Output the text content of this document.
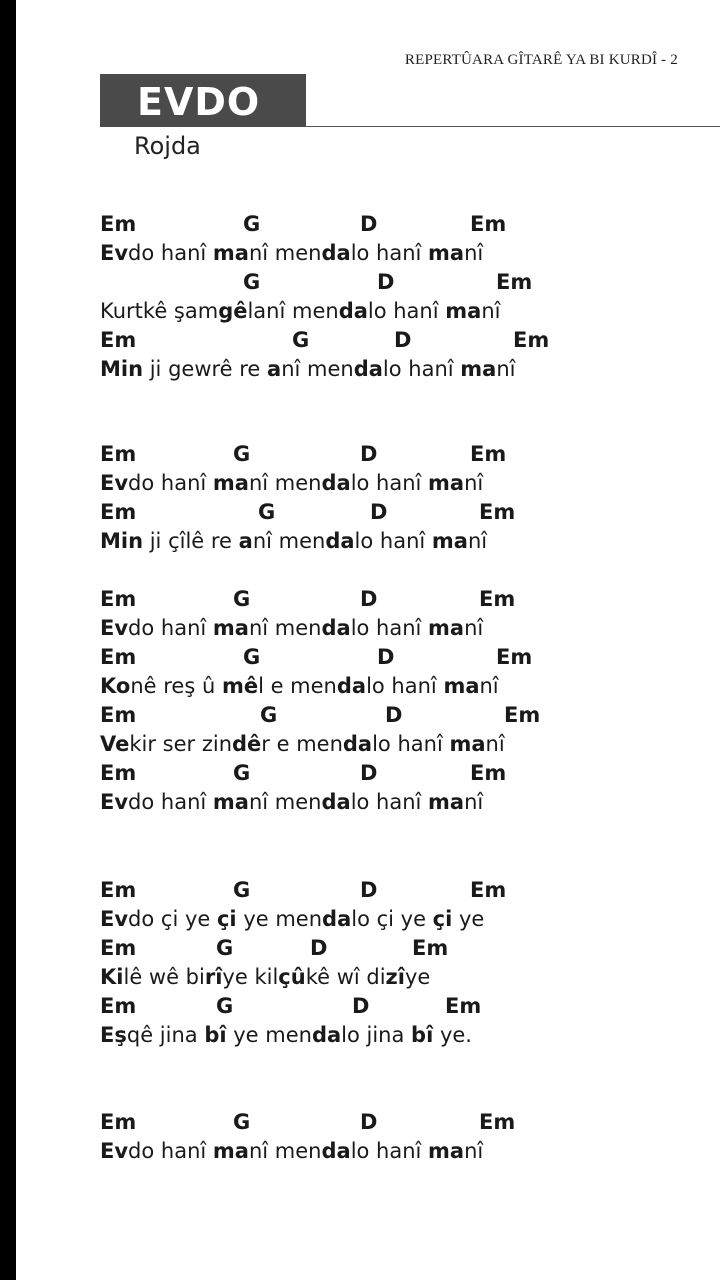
REPERTÛARA GÎTARÊ YA BI KURDÎ - 2
EVDO
Rojda
Em	G	D	Em
Evdo hanî manî mendalo hanî manî
G	D	Em
Kurtkê şamgêlanî mendalo hanî manî
Em	G	D	Em
Min ji gewrê re anî mendalo hanî manî
Em	G	D	Em
Evdo hanî manî mendalo hanî manî
Em	G	D	Em
Min ji çîlê re anî mendalo hanî manî
Em	G	D	Em
Evdo hanî manî mendalo hanî manî
Em	G	D	Em
Konê reş û mêl e mendalo hanî manî
Em	G	D	Em
Vekir ser zindêr e mendalo hanî manî
Em	G	D	Em
Evdo hanî manî mendalo hanî manî
Em	G	D	Em
Evdo çi ye çi ye mendalo çi ye çi ye
Em	G	D	Em
Kilê wê birîye kilçûkê wî dizîye
Em	G	D	Em
Eşqê jina bî ye mendalo jina bî ye.
Em	G	D	Em
Evdo hanî manî mendalo hanî manî
